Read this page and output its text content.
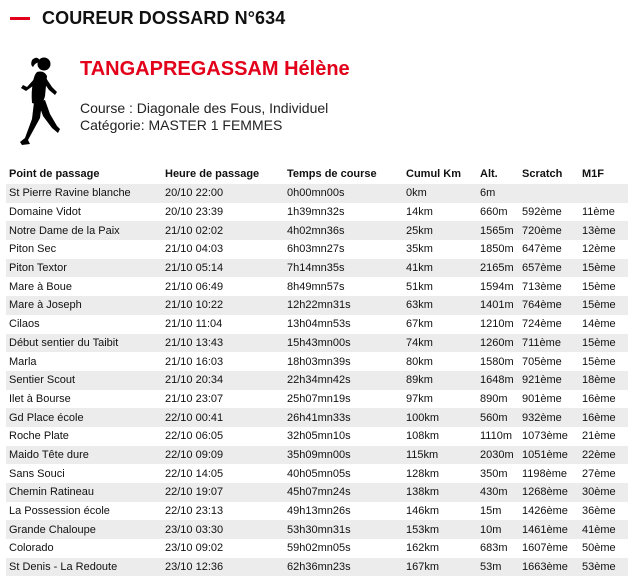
COUREUR DOSSARD N°634
TANGAPREGASSAM Hélène
Course : Diagonale des Fous, Individuel
Catégorie: MASTER 1 FEMMES
Point de passage	Heure de passage	Temps de course	Cumul Km	Alt.	Scratch	M1F
St Pierre Ravine blanche	20/10 22:00	0h00mn00s	0km	6m		
Domaine Vidot	20/10 23:39	1h39mn32s	14km	660m	592ème	11ème
Notre Dame de la Paix	21/10 02:02	4h02mn36s	25km	1565m	720ème	13ème
Piton Sec	21/10 04:03	6h03mn27s	35km	1850m	647ème	12ème
Piton Textor	21/10 05:14	7h14mn35s	41km	2165m	657ème	15ème
Mare à Boue	21/10 06:49	8h49mn57s	51km	1594m	713ème	15ème
Mare à Joseph	21/10 10:22	12h22mn31s	63km	1401m	764ème	15ème
Cilaos	21/10 11:04	13h04mn53s	67km	1210m	724ème	14ème
Début sentier du Taibit	21/10 13:43	15h43mn00s	74km	1260m	711ème	15ème
Marla	21/10 16:03	18h03mn39s	80km	1580m	705ème	15ème
Sentier Scout	21/10 20:34	22h34mn42s	89km	1648m	921ème	18ème
Ilet à Bourse	21/10 23:07	25h07mn19s	97km	890m	901ème	16ème
Gd Place école	22/10 00:41	26h41mn33s	100km	560m	932ème	16ème
Roche Plate	22/10 06:05	32h05mn10s	108km	1110m	1073ème	21ème
Maido Tête dure	22/10 09:09	35h09mn00s	115km	2030m	1051ème	22ème
Sans Souci	22/10 14:05	40h05mn05s	128km	350m	1198ème	27ème
Chemin Ratineau	22/10 19:07	45h07mn24s	138km	430m	1268ème	30ème
La Possession école	22/10 23:13	49h13mn26s	146km	15m	1426ème	36ème
Grande Chaloupe	23/10 03:30	53h30mn31s	153km	10m	1461ème	41ème
Colorado	23/10 09:02	59h02mn05s	162km	683m	1607ème	50ème
St Denis - La Redoute	23/10 12:36	62h36mn23s	167km	53m	1663ème	53ème
